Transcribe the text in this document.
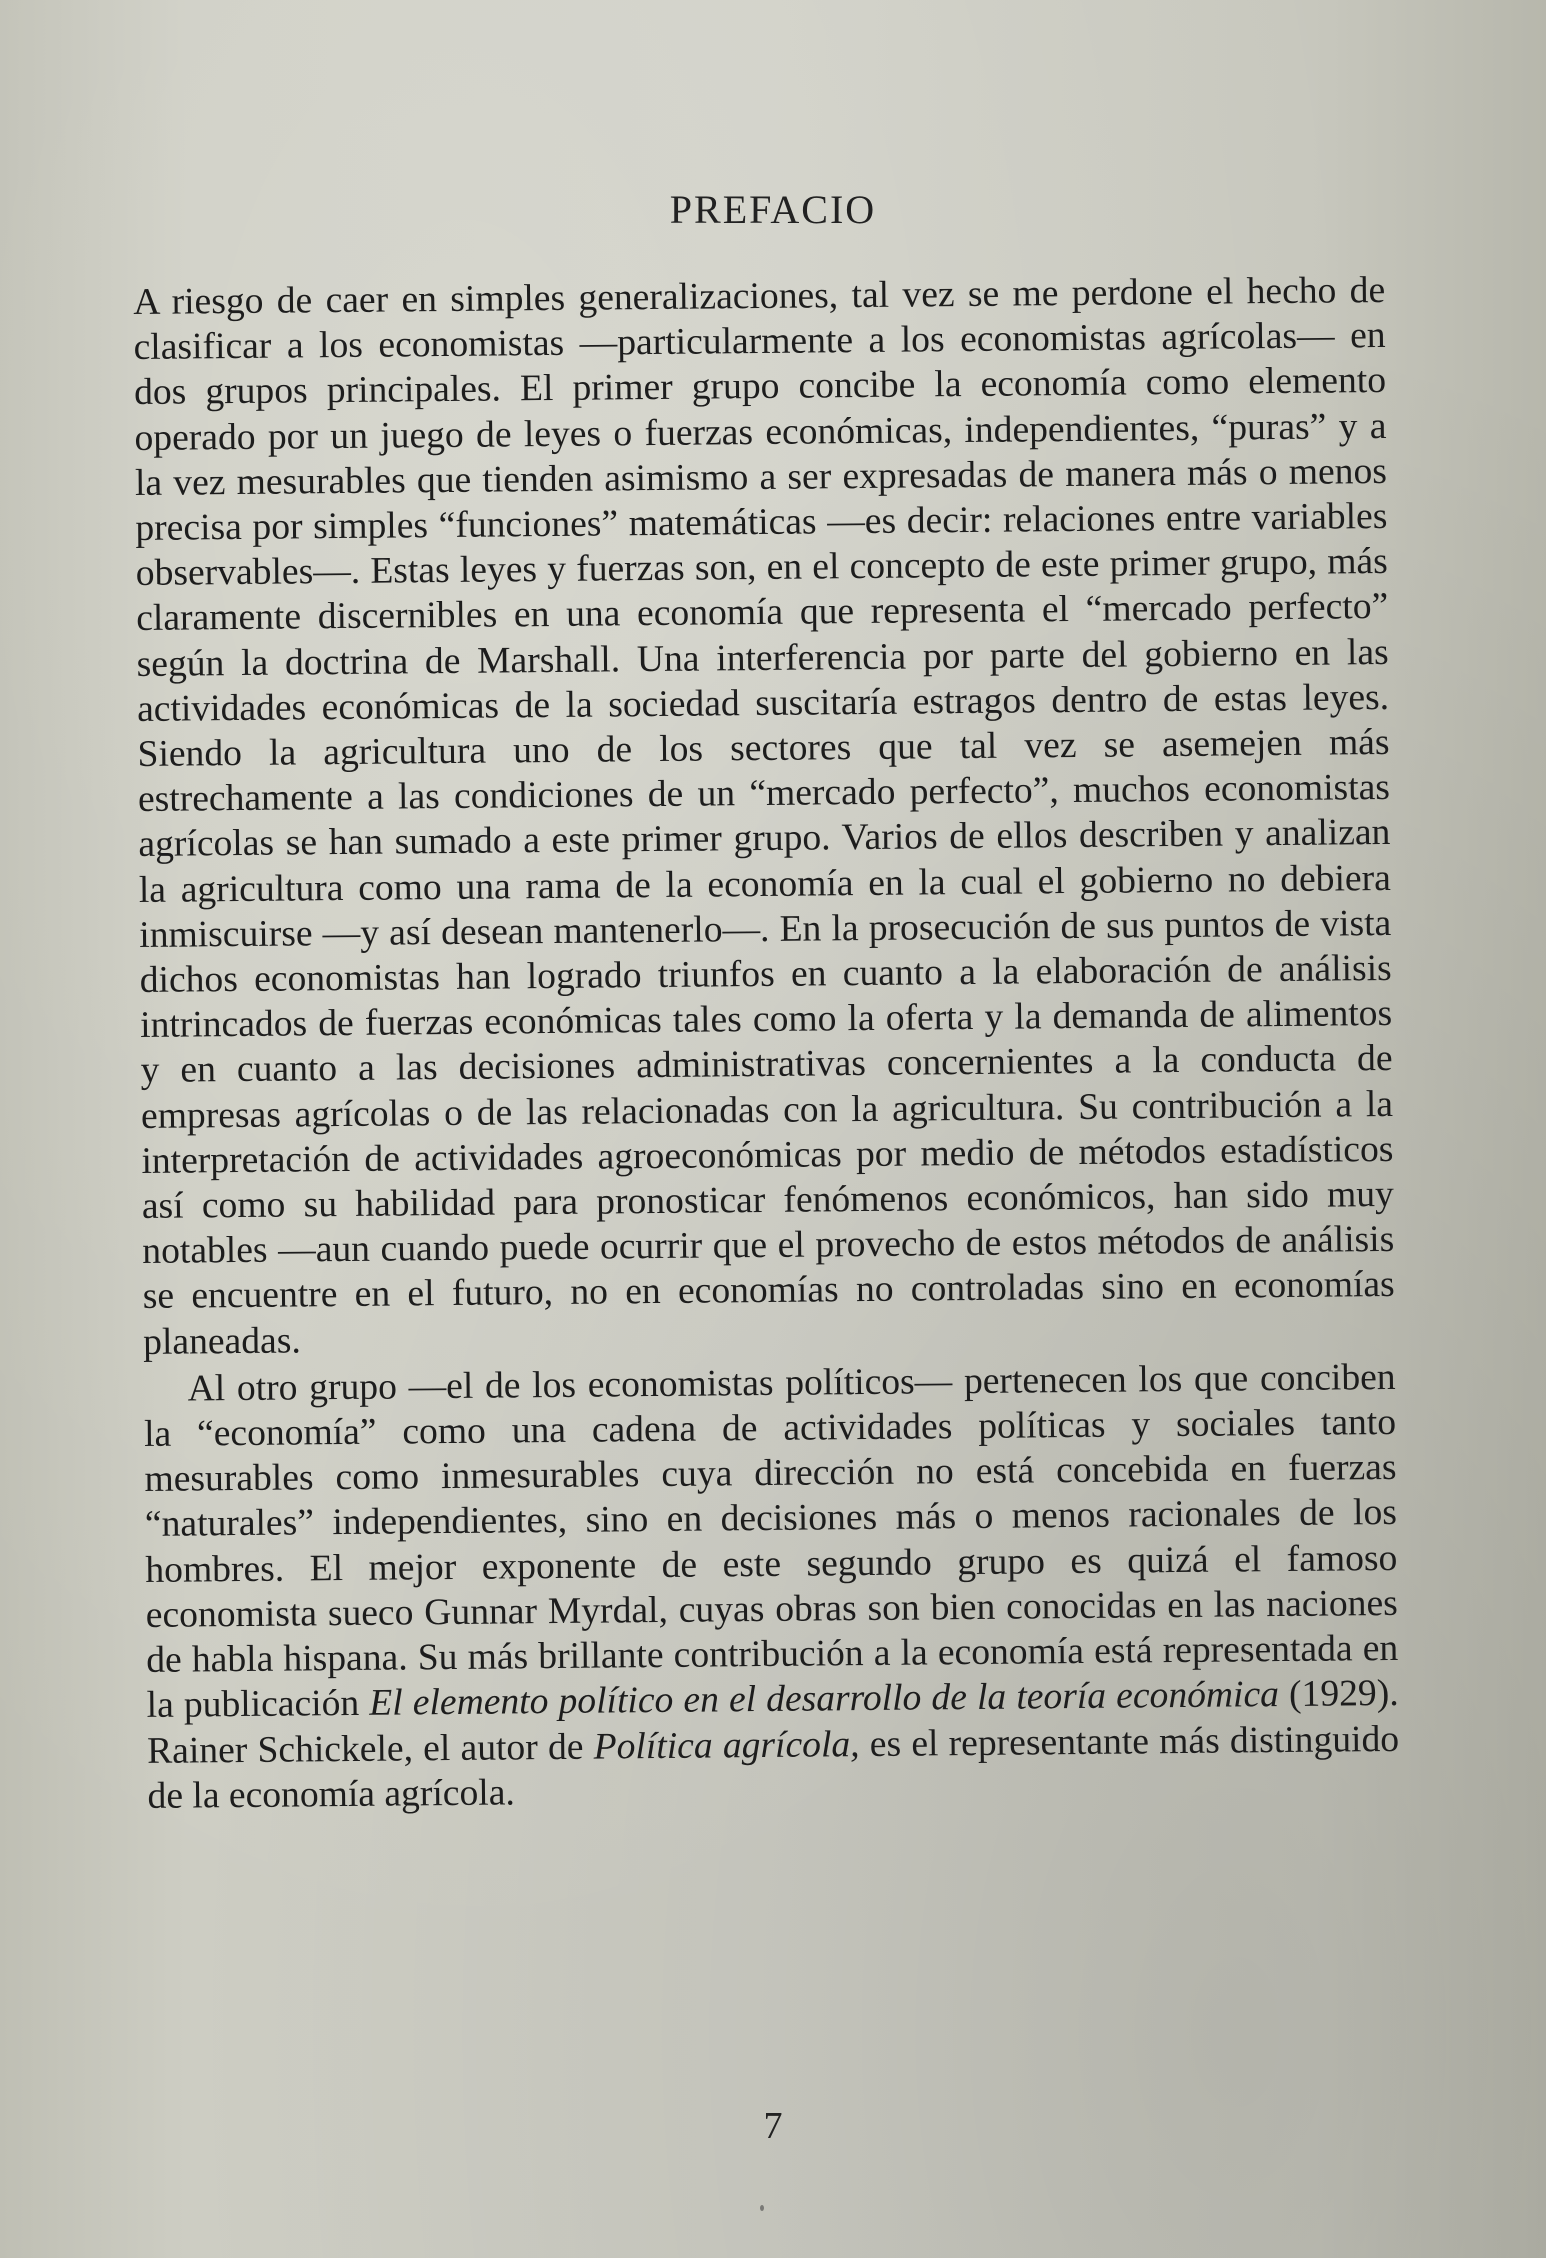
PREFACIO

A riesgo de caer en simples generalizaciones, tal vez se me perdone el hecho de clasificar a los economistas —particularmente a los economistas agrícolas— en dos grupos principales. El primer grupo concibe la economía como elemento operado por un juego de leyes o fuerzas económicas, independientes, “puras” y a la vez mesurables que tienden asimismo a ser expresadas de manera más o menos precisa por simples “funciones” matemáticas —es decir: relaciones entre variables observables—. Estas leyes y fuerzas son, en el concepto de este primer grupo, más claramente discernibles en una economía que representa el “mercado perfecto” según la doctrina de Marshall. Una interferencia por parte del gobierno en las actividades económicas de la sociedad suscitaría estragos dentro de estas leyes. Siendo la agricultura uno de los sectores que tal vez se asemejen más estrechamente a las condiciones de un “mercado perfecto”, muchos economistas agrícolas se han sumado a este primer grupo. Varios de ellos describen y analizan la agricultura como una rama de la economía en la cual el gobierno no debiera inmiscuirse —y así desean mantenerlo—. En la prosecución de sus puntos de vista dichos economistas han logrado triunfos en cuanto a la elaboración de análisis intrincados de fuerzas económicas tales como la oferta y la demanda de alimentos y en cuanto a las decisiones administrativas concernientes a la conducta de empresas agrícolas o de las relacionadas con la agricultura. Su contribución a la interpretación de actividades agroeconómicas por medio de métodos estadísticos así como su habilidad para pronosticar fenómenos económicos, han sido muy notables —aun cuando puede ocurrir que el provecho de estos métodos de análisis se encuentre en el futuro, no en economías no controladas sino en economías planeadas.

Al otro grupo —el de los economistas políticos— pertenecen los que conciben la “economía” como una cadena de actividades políticas y sociales tanto mesurables como inmesurables cuya dirección no está concebida en fuerzas “naturales” independientes, sino en decisiones más o menos racionales de los hombres. El mejor exponente de este segundo grupo es quizá el famoso economista sueco Gunnar Myrdal, cuyas obras son bien conocidas en las naciones de habla hispana. Su más brillante contribución a la economía está representada en la publicación El elemento político en el desarrollo de la teoría económica (1929). Rainer Schickele, el autor de Política agrícola, es el representante más distinguido de la economía agrícola.

7
